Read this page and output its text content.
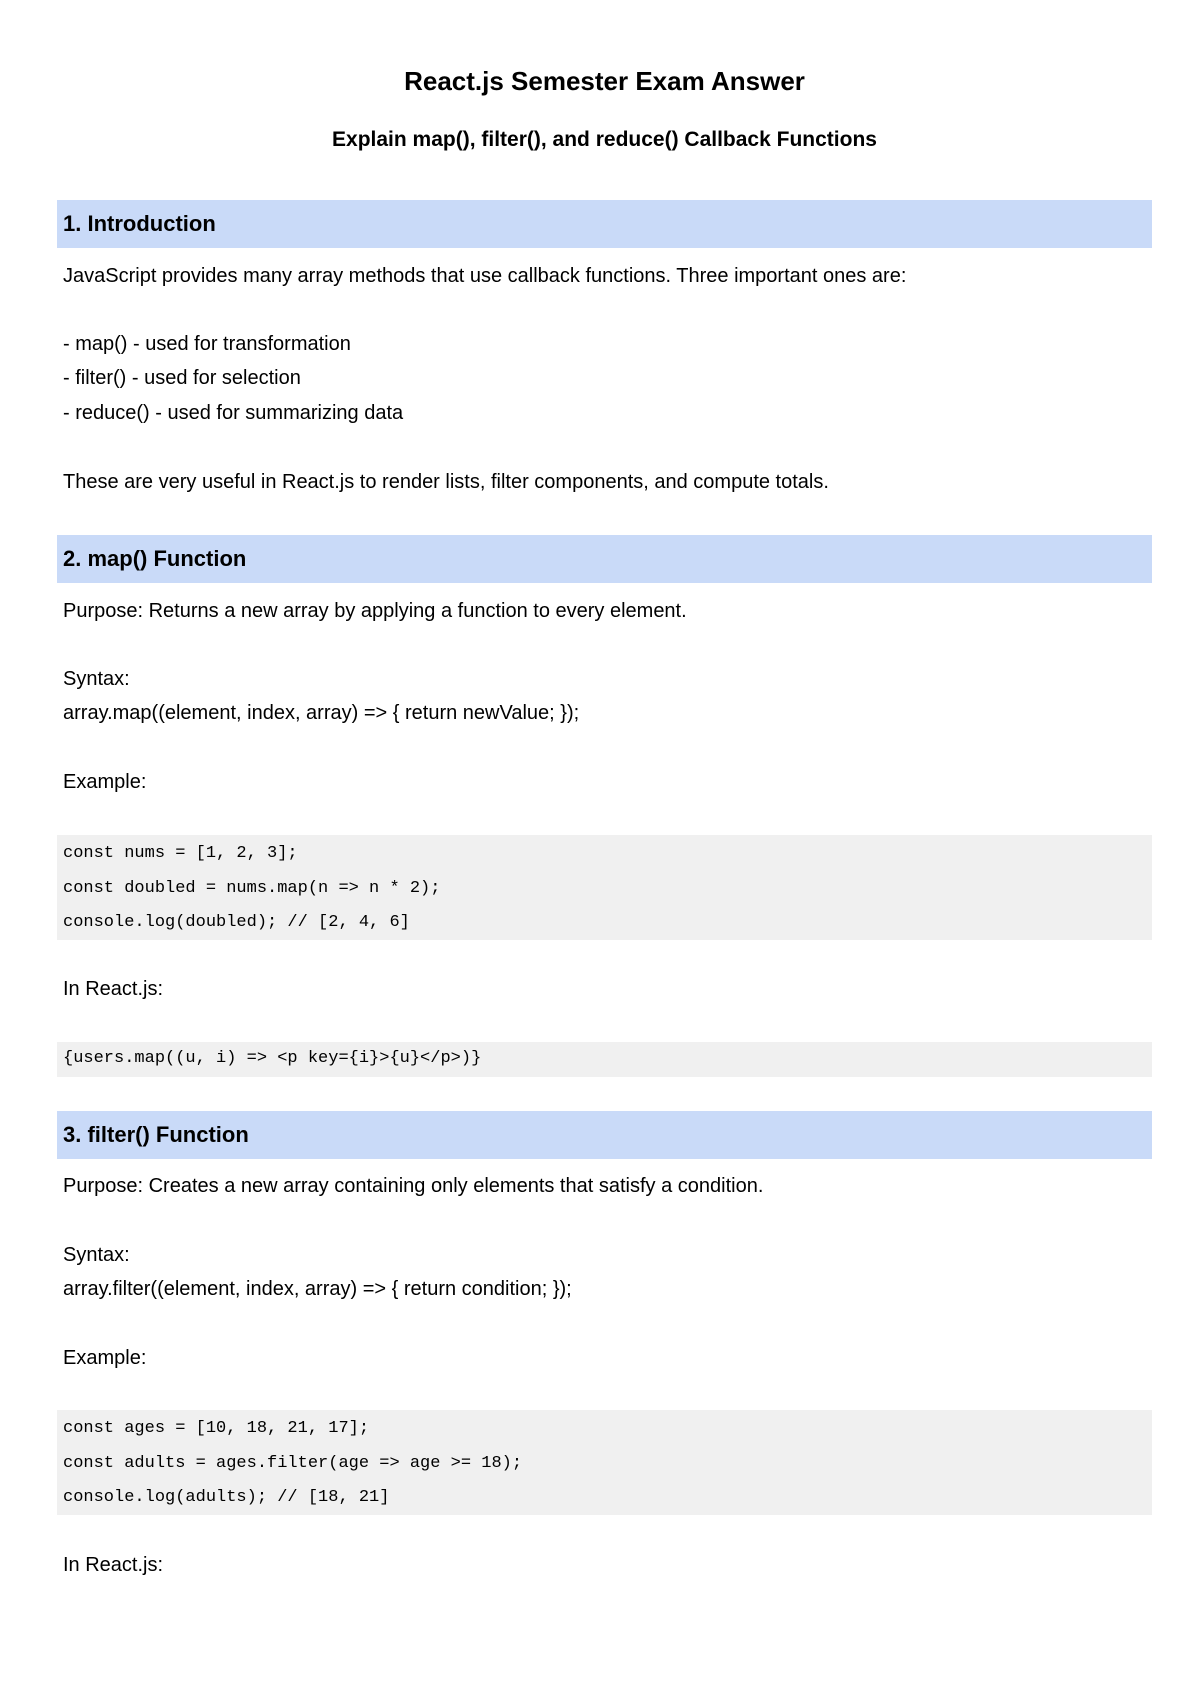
React.js Semester Exam Answer
Explain map(), filter(), and reduce() Callback Functions
1. Introduction
JavaScript provides many array methods that use callback functions. Three important ones are:
- map() - used for transformation
- filter() - used for selection
- reduce() - used for summarizing data
These are very useful in React.js to render lists, filter components, and compute totals.
2. map() Function
Purpose: Returns a new array by applying a function to every element.
Syntax:
array.map((element, index, array) => { return newValue; });
Example:
const nums = [1, 2, 3];
const doubled = nums.map(n => n * 2);
console.log(doubled); // [2, 4, 6]
In React.js:
{users.map((u, i) => <p key={i}>{u}</p>)}
3. filter() Function
Purpose: Creates a new array containing only elements that satisfy a condition.
Syntax:
array.filter((element, index, array) => { return condition; });
Example:
const ages = [10, 18, 21, 17];
const adults = ages.filter(age => age >= 18);
console.log(adults); // [18, 21]
In React.js:
